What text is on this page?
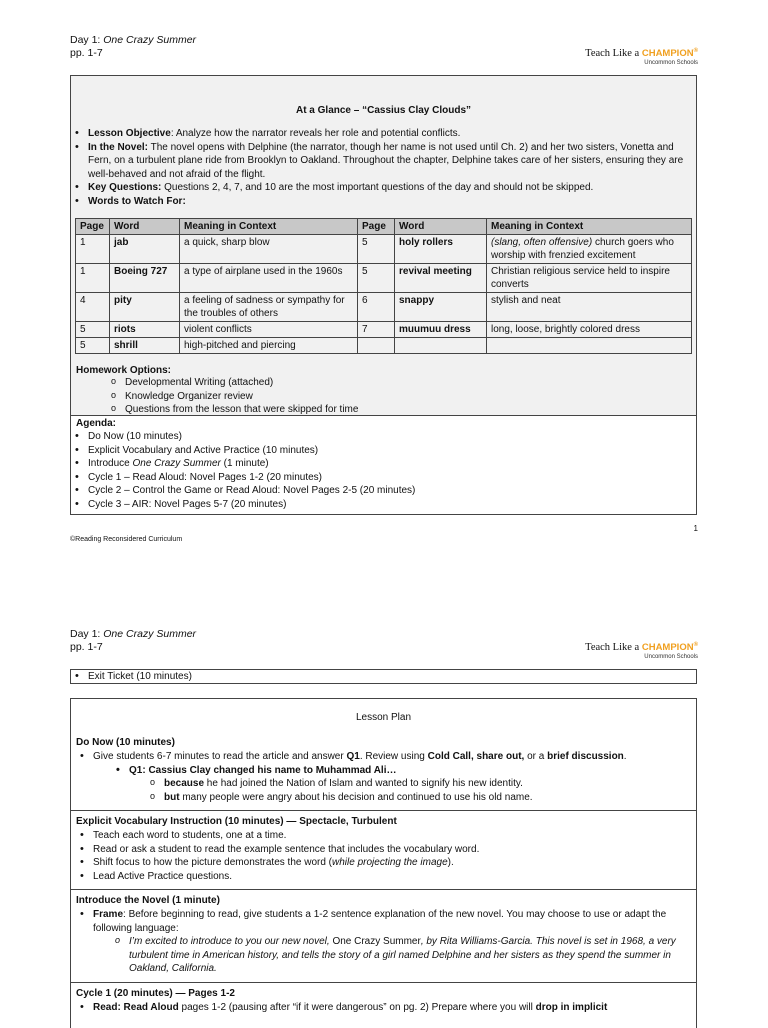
Day 1: One Crazy Summer
pp. 1-7	Teach Like a CHAMPION®
Uncommon Schools
At a Glance – “Cassius Clay Clouds”
• Lesson Objective: Analyze how the narrator reveals her role and potential conflicts.
• In the Novel: The novel opens with Delphine (the narrator, though her name is not used until Ch. 2) and her two sisters, Vonetta and Fern, on a turbulent plane ride from Brooklyn to Oakland. Throughout the chapter, Delphine takes care of her sisters, ensuring they are well-behaved and not afraid of the flight.
• Key Questions: Questions 2, 4, 7, and 10 are the most important questions of the day and should not be skipped.
• Words to Watch For:
Page	Word	Meaning in Context	Page	Word	Meaning in Context
1	jab	a quick, sharp blow	5	holy rollers	(slang, often offensive) church goers who worship with frenzied excitement
1	Boeing 727	a type of airplane used in the 1960s	5	revival meeting	Christian religious service held to inspire converts
4	pity	a feeling of sadness or sympathy for the troubles of others	6	snappy	stylish and neat
5	riots	violent conflicts	7	muumuu dress	long, loose, brightly colored dress
5	shrill	high-pitched and piercing			
Homework Options:
o Developmental Writing (attached)
o Knowledge Organizer review
o Questions from the lesson that were skipped for time
Agenda:
• Do Now (10 minutes)
• Explicit Vocabulary and Active Practice (10 minutes)
• Introduce One Crazy Summer (1 minute)
• Cycle 1 – Read Aloud: Novel Pages 1-2 (20 minutes)
• Cycle 2 – Control the Game or Read Aloud: Novel Pages 2-5 (20 minutes)
• Cycle 3 – AIR: Novel Pages 5-7 (20 minutes)
1
©Reading Reconsidered Curriculum
Day 1: One Crazy Summer
pp. 1-7	Teach Like a CHAMPION®
Uncommon Schools
• Exit Ticket (10 minutes)
Lesson Plan
Do Now (10 minutes)
• Give students 6-7 minutes to read the article and answer Q1. Review using Cold Call, share out, or a brief discussion.
• Q1: Cassius Clay changed his name to Muhammad Ali…
o because he had joined the Nation of Islam and wanted to signify his new identity.
o but many people were angry about his decision and continued to use his old name.
Explicit Vocabulary Instruction (10 minutes) — Spectacle, Turbulent
• Teach each word to students, one at a time.
• Read or ask a student to read the example sentence that includes the vocabulary word.
• Shift focus to how the picture demonstrates the word (while projecting the image).
• Lead Active Practice questions.
Introduce the Novel (1 minute)
• Frame: Before beginning to read, give students a 1-2 sentence explanation of the new novel. You may choose to use or adapt the following language:
o I’m excited to introduce to you our new novel, One Crazy Summer, by Rita Williams-Garcia. This novel is set in 1968, a very turbulent time in American history, and tells the story of a girl named Delphine and her sisters as they spend the summer in Oakland, California.
Cycle 1 (20 minutes) — Pages 1-2
• Read: Read Aloud pages 1-2 (pausing after “if it were dangerous” on pg. 2) Prepare where you will drop in implicit
